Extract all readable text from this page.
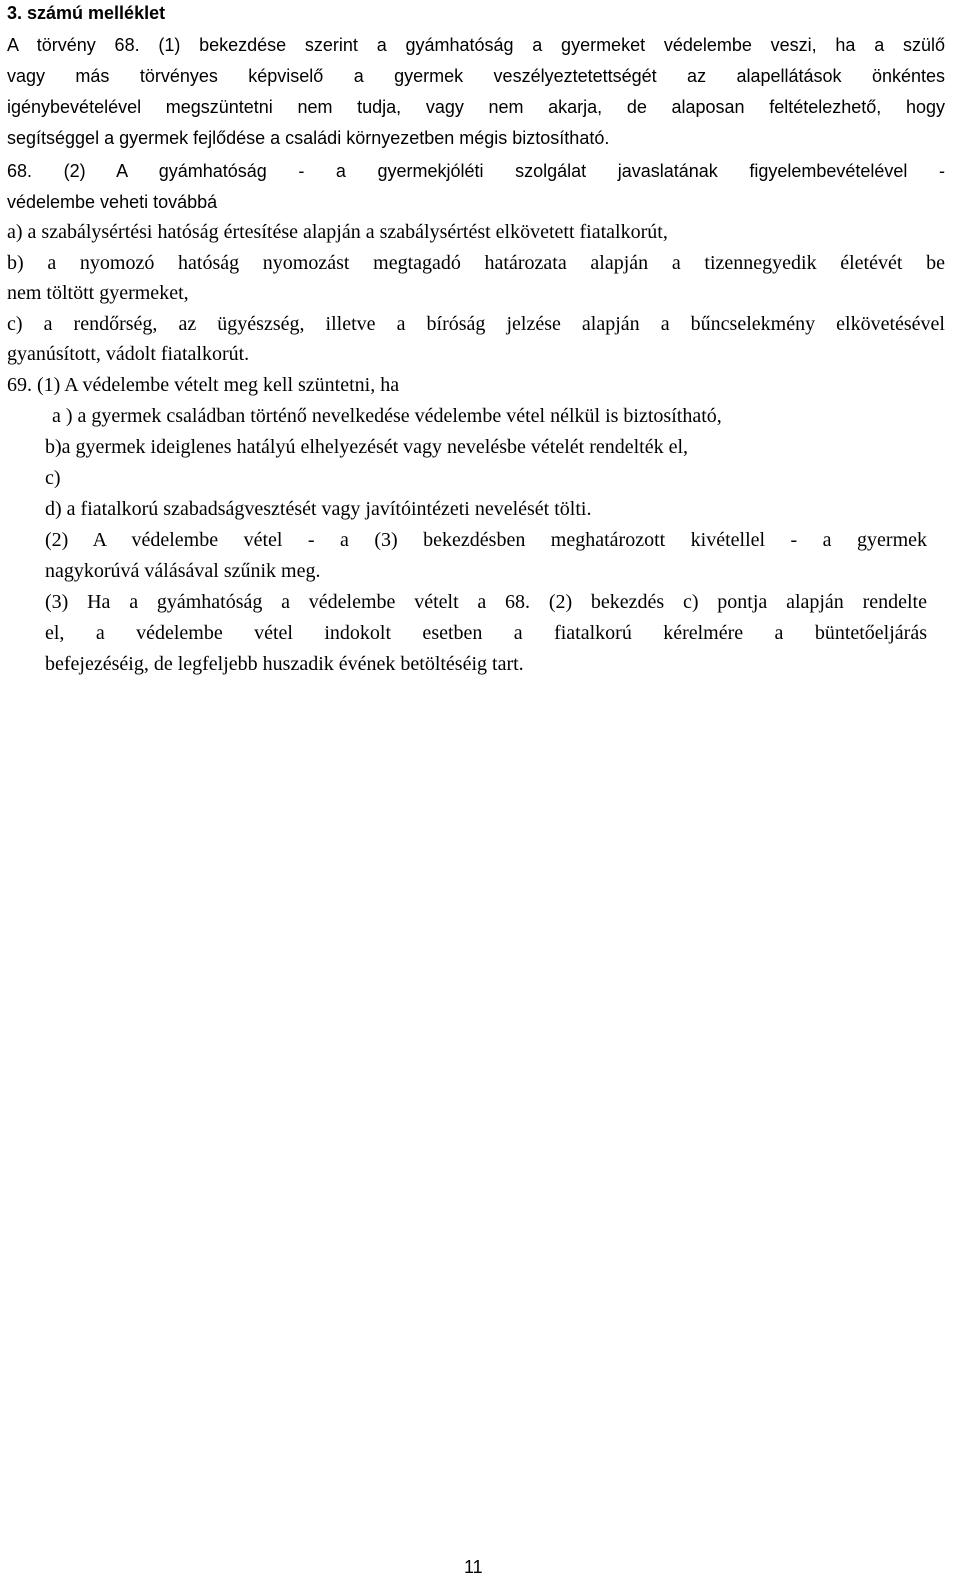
3. számú melléklet
A törvény 68. (1) bekezdése szerint a gyámhatóság a gyermeket védelembe veszi, ha a szülő
vagy más törvényes képviselő a gyermek veszélyeztetettségét az alapellátások önkéntes
igénybevételével megszüntetni nem tudja, vagy nem akarja, de alaposan feltételezhető, hogy
segítséggel a gyermek fejlődése a családi környezetben mégis biztosítható.
68. (2) A gyámhatóság - a gyermekjóléti szolgálat javaslatának figyelembevételével -
védelembe veheti továbbá
a) a szabálysértési hatóság értesítése alapján a szabálysértést elkövetett fiatalkorút,
b) a nyomozó hatóság nyomozást megtagadó határozata alapján a tizennegyedik életévét be
nem töltött gyermeket,
c) a rendőrség, az ügyészség, illetve a bíróság jelzése alapján a bűncselekmény elkövetésével
gyanúsított, vádolt fiatalkorút.
69. (1) A védelembe vételt meg kell szüntetni, ha
a ) a gyermek családban történő nevelkedése védelembe vétel nélkül is biztosítható,
b)a gyermek ideiglenes hatályú elhelyezését vagy nevelésbe vételét rendelték el,
c)
d) a fiatalkorú szabadságvesztését vagy javítóintézeti nevelését tölti.
(2) A védelembe vétel - a (3) bekezdésben meghatározott kivétellel - a gyermek
nagykorúvá válásával szűnik meg.
(3) Ha a gyámhatóság a védelembe vételt a 68. (2) bekezdés c) pontja alapján rendelte
el, a védelembe vétel indokolt esetben a fiatalkorú kérelmére a büntetőeljárás
befejezéséig, de legfeljebb huszadik évének betöltéséig tart.
11
